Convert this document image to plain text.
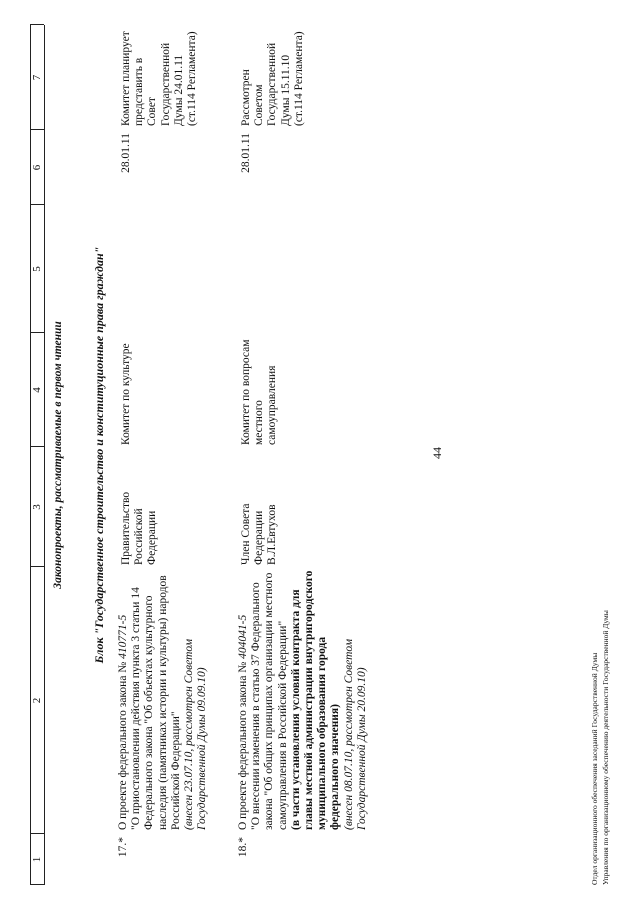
44
1
2
3
4
5
6
7
Законопроекты, рассматриваемые в первом чтении Блок "Государственное строительство и конституционные права граждан"
17.*
О проекте федерального закона № 410771-5
"О приостановлении действия пункта 3 статьи 14 Федерального закона "Об объектах культурного наследия (памятниках истории и культуры) народов Российской Федерации"
(внесен 23.07.10, рассмотрен Советом Государственной Думы 09.09.10)
Правительство Российской Федерации
Комитет по культуре
28.01.11
Комитет планирует представить в Совет Государственной Думы 24.01.11 (ст.114 Регламента)
18.*
О проекте федерального закона № 404041-5
"О внесении изменения в статью 37 Федерального закона "Об общих принципах организации местного самоуправления в Российской Федерации"
(в части установления условий контракта для главы местной администрации внутригородского муниципального образования города федерального значения)
(внесен 08.07.10, рассмотрен Советом Государственной Думы 20.09.10)
Член Совета Федерации В.Л.Евтухов
Комитет по вопросам местного самоуправления
28.01.11
Рассмотрен Советом Государственной Думы 15.11.10 (ст.114 Регламента)
Отдел организационного обеспечения заседаний Государственной Думы Управления по организационному обеспечению деятельности Государственной Думы
